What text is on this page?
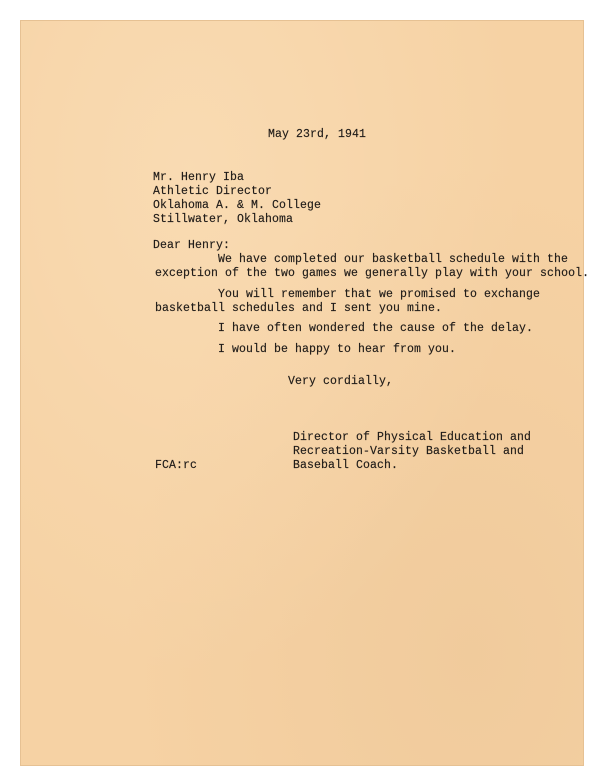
May 23rd, 1941
Mr. Henry Iba
Athletic Director
Oklahoma A. & M. College
Stillwater, Oklahoma
Dear Henry:
We have completed our basketball schedule with the
exception of the two games we generally play with your school.
You will remember that we promised to exchange
basketball schedules and I sent you mine.
I have often wondered the cause of the delay.
I would be happy to hear from you.
Very cordially,
Director of Physical Education and
Recreation-Varsity Basketball and
Baseball Coach.
FCA:rc
